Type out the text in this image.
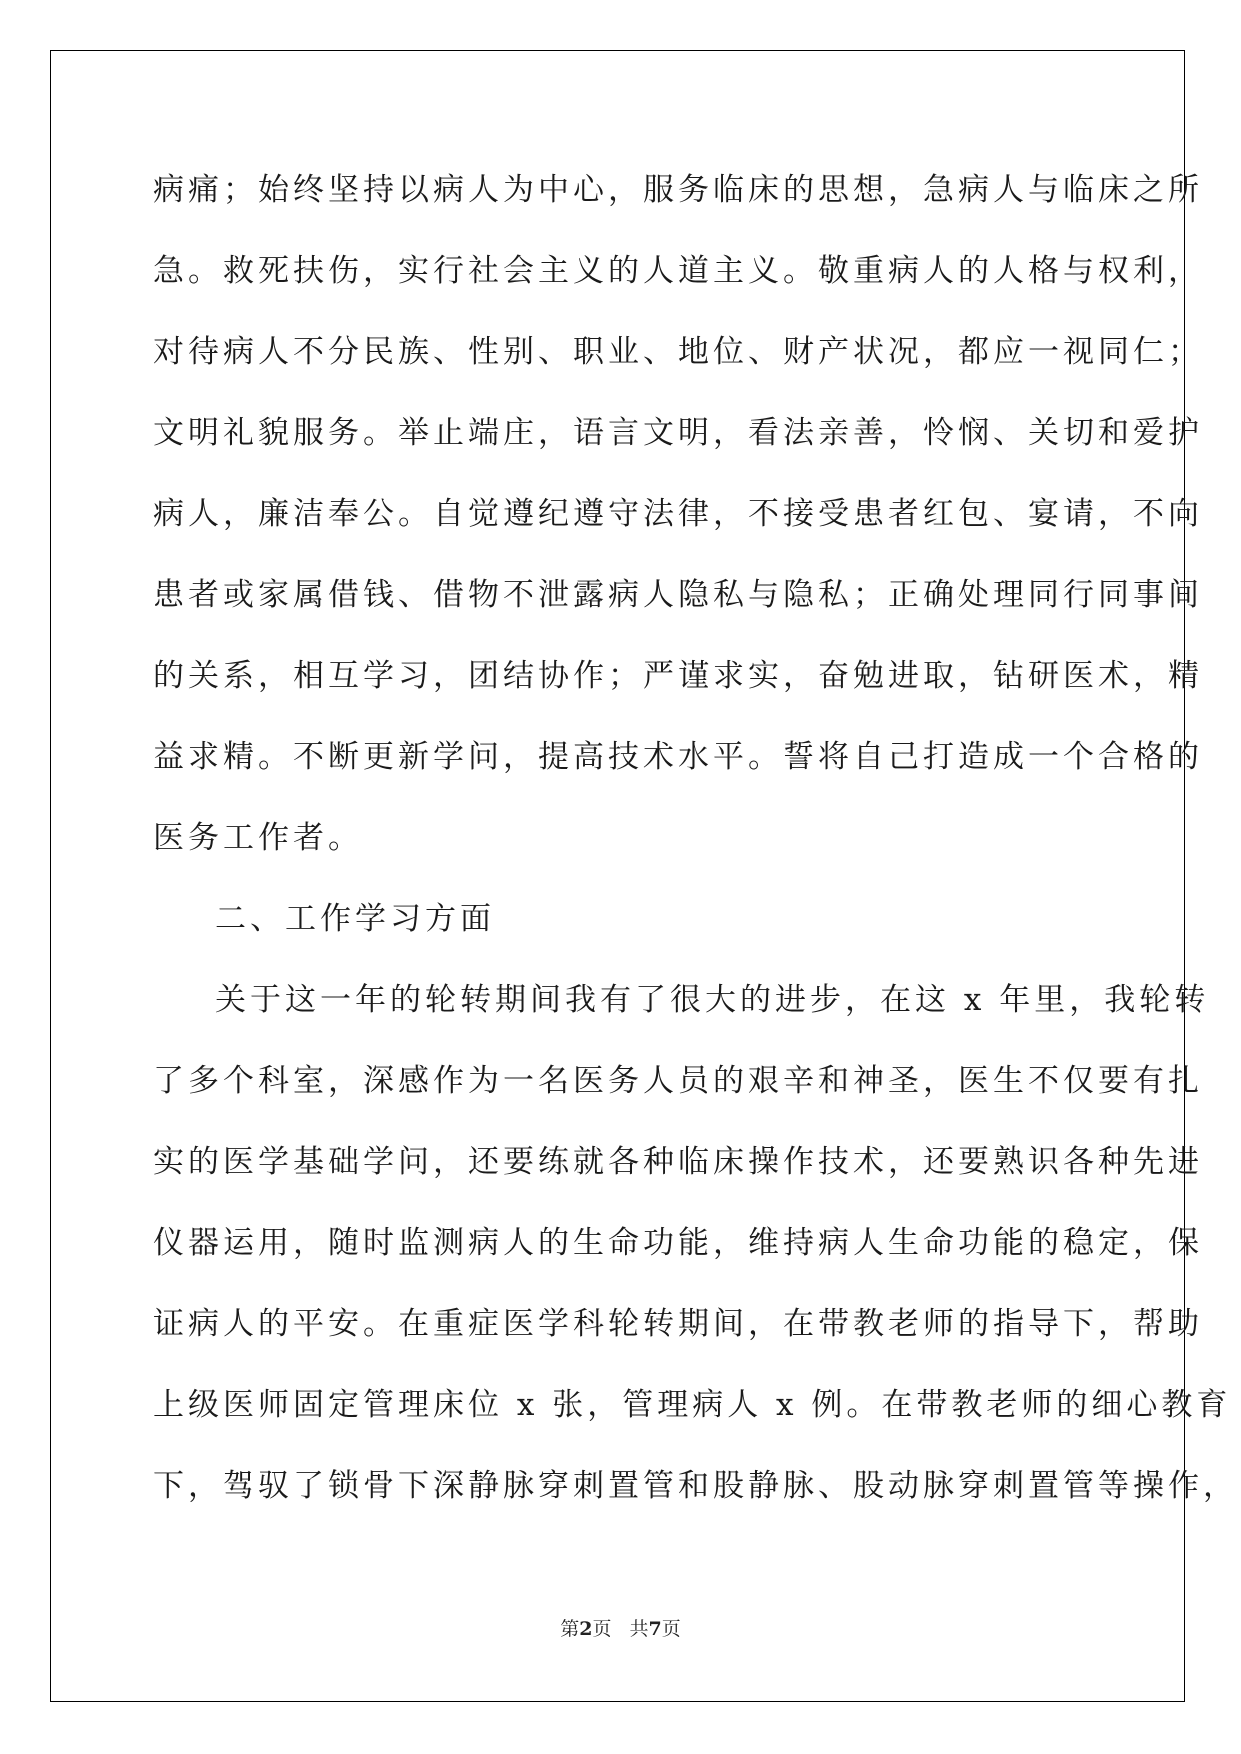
病痛；始终坚持以病人为中心，服务临床的思想，急病人与临床之所
急。救死扶伤，实行社会主义的人道主义。敬重病人的人格与权利，
对待病人不分民族、性别、职业、地位、财产状况，都应一视同仁；
文明礼貌服务。举止端庄，语言文明，看法亲善，怜悯、关切和爱护
病人，廉洁奉公。自觉遵纪遵守法律，不接受患者红包、宴请，不向
患者或家属借钱、借物不泄露病人隐私与隐私；正确处理同行同事间
的关系，相互学习，团结协作；严谨求实，奋勉进取，钻研医术，精
益求精。不断更新学问，提高技术水平。誓将自己打造成一个合格的
医务工作者。
二、工作学习方面
关于这一年的轮转期间我有了很大的进步，在这 x 年里，我轮转
了多个科室，深感作为一名医务人员的艰辛和神圣，医生不仅要有扎
实的医学基础学问，还要练就各种临床操作技术，还要熟识各种先进
仪器运用，随时监测病人的生命功能，维持病人生命功能的稳定，保
证病人的平安。在重症医学科轮转期间，在带教老师的指导下，帮助
上级医师固定管理床位 x 张，管理病人 x 例。在带教老师的细心教育
下，驾驭了锁骨下深静脉穿刺置管和股静脉、股动脉穿刺置管等操作，
第2页 共7页
